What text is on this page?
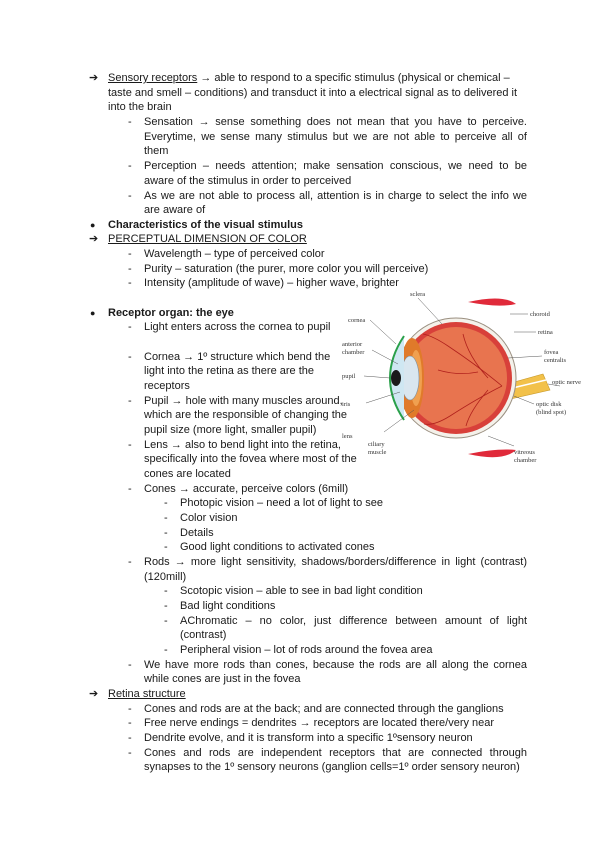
➔ Sensory receptors → able to respond to a specific stimulus (physical or chemical –
taste and smell – conditions) and transduct it into a electrical signal as to delivered it
into the brain
- Sensation → sense something does not mean that you have to perceive.
Everytime, we sense many stimulus but we are not able to perceive all of
them
- Perception – needs attention; make sensation conscious, we need to be
aware of the stimulus in order to perceived
- As we are not able to process all, attention is in charge to select the info we
are aware of
● Characteristics of the visual stimulus
➔ PERCEPTUAL DIMENSION OF COLOR
- Wavelength – type of perceived color
- Purity – saturation (the purer, more color you will perceive)
- Intensity (amplitude of wave) – higher wave, brighter
● Receptor organ: the eye
- Light enters across the cornea to pupil
- Cornea → 1º structure which bend the
light into the retina as there are the
receptors
- Pupil → hole with many muscles around,
which are the responsible of changing the
pupil size (more light, smaller pupil)
- Lens → also to bend light into the retina,
specifically into the fovea where most of the
cones are located
- Cones → accurate, perceive colors (6mill)
- Photopic vision – need a lot of light to see
- Color vision
- Details
- Good light conditions to activated cones
- Rods → more light sensitivity, shadows/borders/difference in light (contrast)
(120mill)
- Scotopic vision – able to see in bad light condition
- Bad light conditions
- AChromatic – no color, just difference between amount of light
(contrast)
- Peripheral vision – lot of rods around the fovea area
- We have more rods than cones, because the rods are all along the cornea
while cones are just in the fovea
➔ Retina structure
- Cones and rods are at the back; and are connected through the ganglions
- Free nerve endings = dendrites → receptors are located there/very near
- Dendrite evolve, and it is transform into a specific 1ºsensory neuron
- Cones and rods are independent receptors that are connected through
synapses to the 1º sensory neurons (ganglion cells=1º order sensory neuron)
sclera
cornea
anterior
chamber
pupil
iris
lens
ciliary
muscle
choroid
retina
fovea
centralis
optic nerve
optic disk
(blind spot)
vitreous
chamber
